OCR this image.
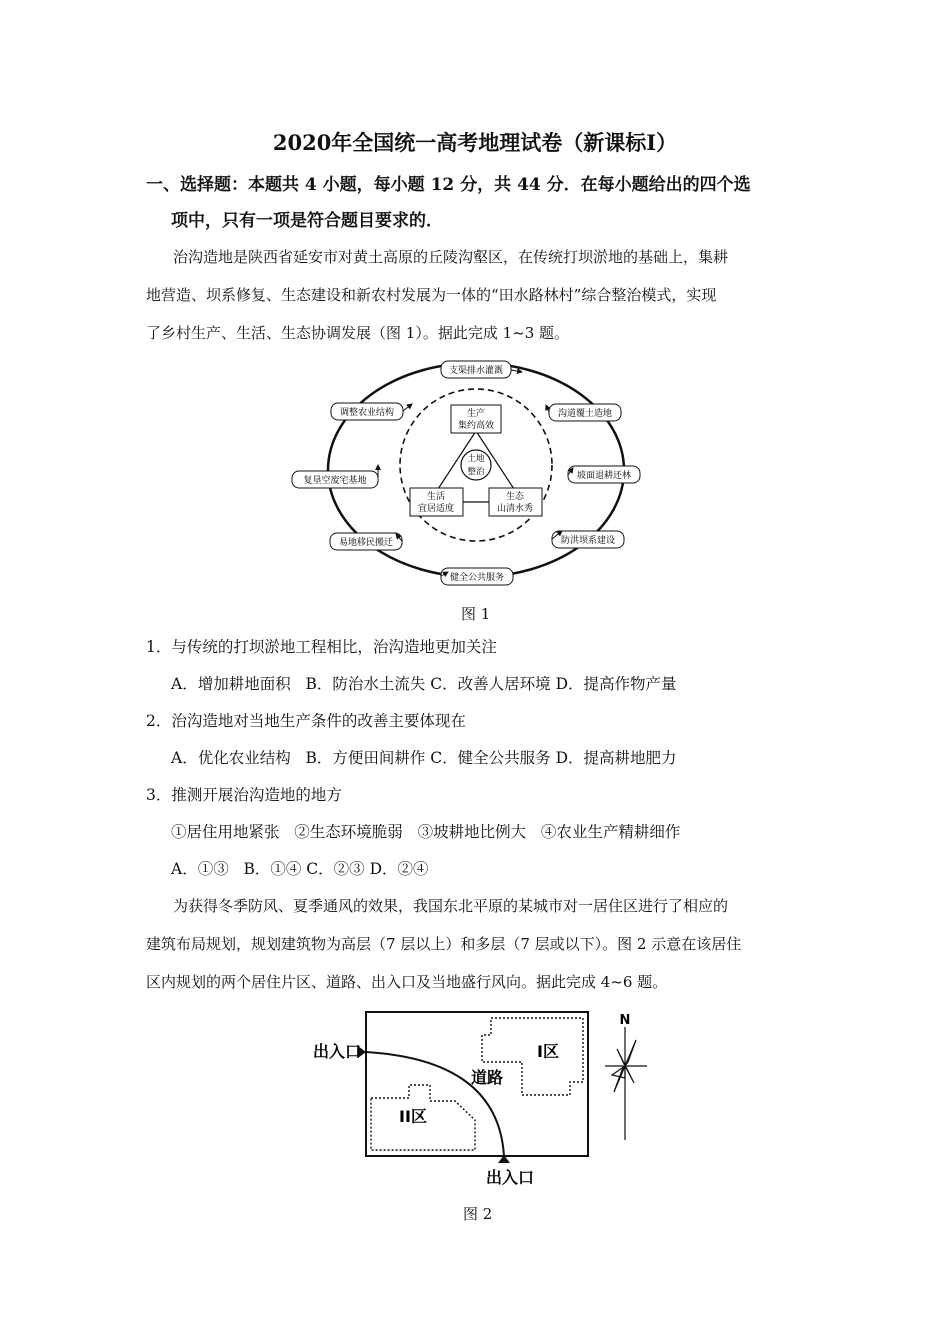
2020年全国统一高考地理试卷（新课标I）
一、选择题：本题共 4 小题，每小题 12 分，共 44 分．在每小题给出的四个选
项中，只有一项是符合题目要求的．
治沟造地是陕西省延安市对黄土高原的丘陵沟壑区，在传统打坝淤地的基础上，集耕
地营造、坝系修复、生态建设和新农村发展为一体的“田水路林村”综合整治模式，实现
了乡村生产、生活、生态协调发展（图 1）。据此完成 1~3 题。
土地
整治
生产
集约高效
生活
宜居适度
生态
山清水秀
支渠排水灌溉
沟道覆土造地
坡面退耕还林
防洪坝系建设
健全公共服务
易地移民搬迁
复垦空废宅基地
调整农业结构
图 1
1．与传统的打坝淤地工程相比，治沟造地更加关注
A．增加耕地面积   B．防治水土流失 C．改善人居环境 D．提高作物产量
2．治沟造地对当地生产条件的改善主要体现在
A．优化农业结构   B．方便田间耕作 C．健全公共服务 D．提高耕地肥力
3．推测开展治沟造地的地方
①居住用地紧张   ②生态环境脆弱   ③坡耕地比例大   ④农业生产精耕细作
A．①③   B．①④ C．②③ D．②④
为获得冬季防风、夏季通风的效果，我国东北平原的某城市对一居住区进行了相应的
建筑布局规划，规划建筑物为高层（7 层以上）和多层（7 层或以下）。图 2 示意在该居住
区内规划的两个居住片区、道路、出入口及当地盛行风向。据此完成 4~6 题。
出入口
出入口
道路
I区
II区
N
图 2
